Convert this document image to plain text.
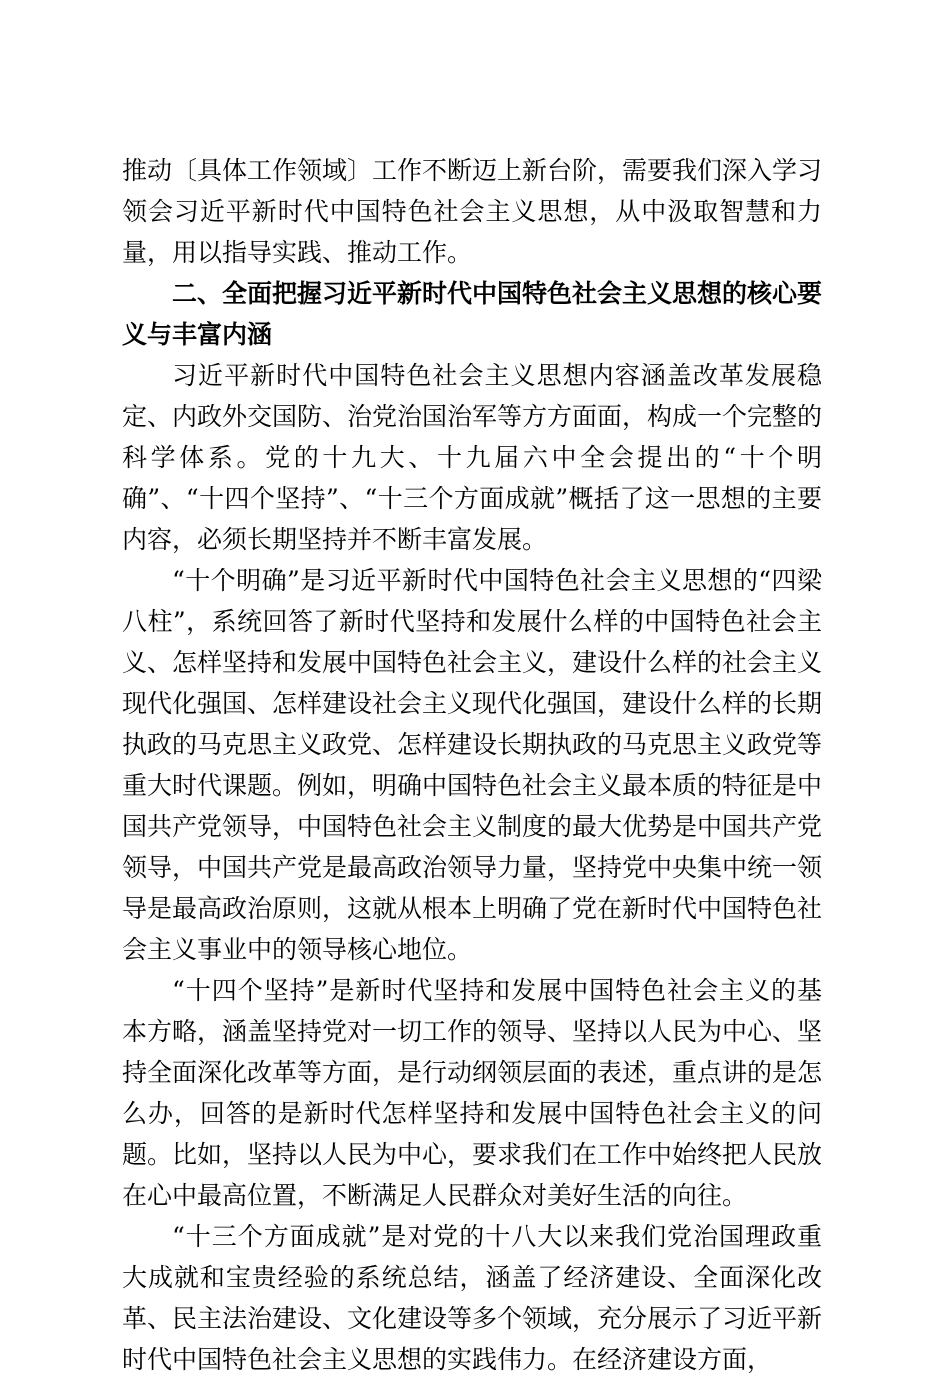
推动〔具体工作领域〕工作不断迈上新台阶，需要我们深入学习领会习近平新时代中国特色社会主义思想，从中汲取智慧和力量，用以指导实践、推动工作。

二、全面把握习近平新时代中国特色社会主义思想的核心要义与丰富内涵

习近平新时代中国特色社会主义思想内容涵盖改革发展稳定、内政外交国防、治党治国治军等方方面面，构成一个完整的科学体系。党的十九大、十九届六中全会提出的“十个明确”、“十四个坚持”、“十三个方面成就”概括了这一思想的主要内容，必须长期坚持并不断丰富发展。

“十个明确”是习近平新时代中国特色社会主义思想的“四梁八柱”，系统回答了新时代坚持和发展什么样的中国特色社会主义、怎样坚持和发展中国特色社会主义，建设什么样的社会主义现代化强国、怎样建设社会主义现代化强国，建设什么样的长期执政的马克思主义政党、怎样建设长期执政的马克思主义政党等重大时代课题。例如，明确中国特色社会主义最本质的特征是中国共产党领导，中国特色社会主义制度的最大优势是中国共产党领导，中国共产党是最高政治领导力量，坚持党中央集中统一领导是最高政治原则，这就从根本上明确了党在新时代中国特色社会主义事业中的领导核心地位。

“十四个坚持”是新时代坚持和发展中国特色社会主义的基本方略，涵盖坚持党对一切工作的领导、坚持以人民为中心、坚持全面深化改革等方面，是行动纲领层面的表述，重点讲的是怎么办，回答的是新时代怎样坚持和发展中国特色社会主义的问题。比如，坚持以人民为中心，要求我们在工作中始终把人民放在心中最高位置，不断满足人民群众对美好生活的向往。

“十三个方面成就”是对党的十八大以来我们党治国理政重大成就和宝贵经验的系统总结，涵盖了经济建设、全面深化改革、民主法治建设、文化建设等多个领域，充分展示了习近平新时代中国特色社会主义思想的实践伟力。在经济建设方面，
